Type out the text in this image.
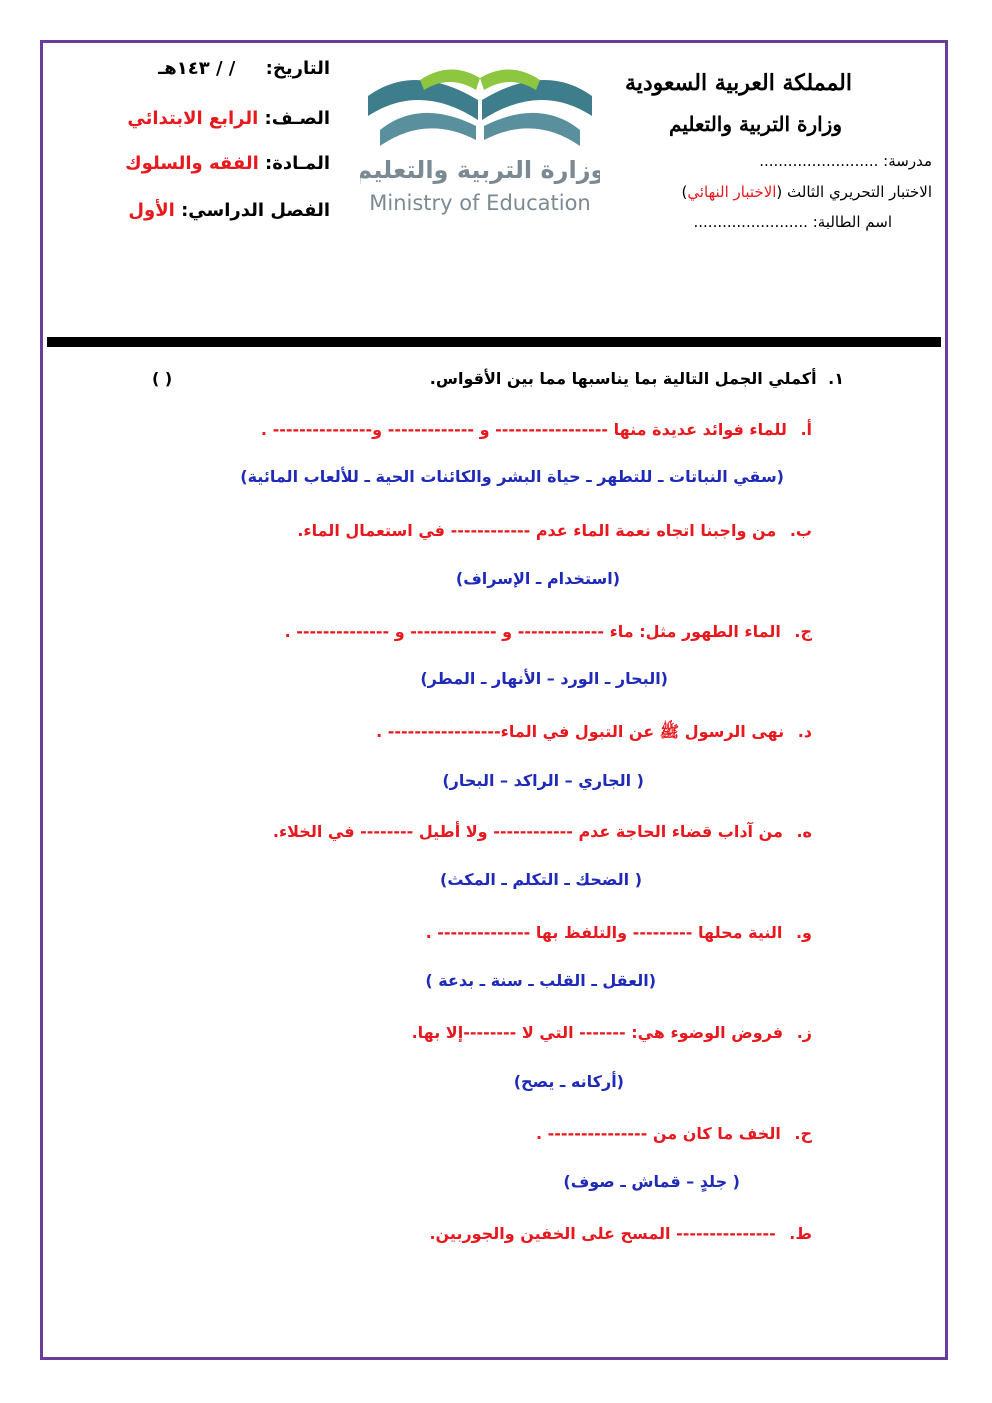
المملكة العربية السعودية
وزارة التربية والتعليم
مدرسة: .........................
الاختبار التحريري الثالث (الاختبار النهائي)
اسم الطالبة: ........................
وزارة التربية والتعليم
Ministry of Education
التاريخ: / / ١٤٣هـ
الصـف: الرابع الابتدائي
المـادة: الفقه والسلوك
الفصل الدراسي: الأول
١. أكملي الجمل التالية بما يناسبها مما بين الأقواس.
( )
أ. للماء فوائد عديدة منها ----------------- و ------------- و--------------- .
(سقي النباتات ـ للتطهر ـ حياة البشر والكائنات الحية ـ للألعاب المائية)
ب. من واجبنا اتجاه نعمة الماء عدم ------------ في استعمال الماء.
(استخدام ـ الإسراف)
ج. الماء الطهور مثل: ماء ------------- و ------------- و -------------- .
(البحار ـ الورد – الأنهار ـ المطر)
د. نهى الرسول ﷺ عن التبول في الماء----------------- .
( الجاري – الراكد – البحار)
ه. من آداب قضاء الحاجة عدم ------------ ولا أطيل -------- في الخلاء.
( الضحك ـ التكلم ـ المكث)
و. النية محلها --------- والتلفظ بها -------------- .
(العقل ـ القلب ـ سنة ـ بدعة )
ز. فروض الوضوء هي: ------- التي لا --------إلا بها.
(أركانه ـ يصح)
ح. الخف ما كان من --------------- .
( جلدٍ – قماش ـ صوف)
ط. --------------- المسح على الخفين والجوربين.
